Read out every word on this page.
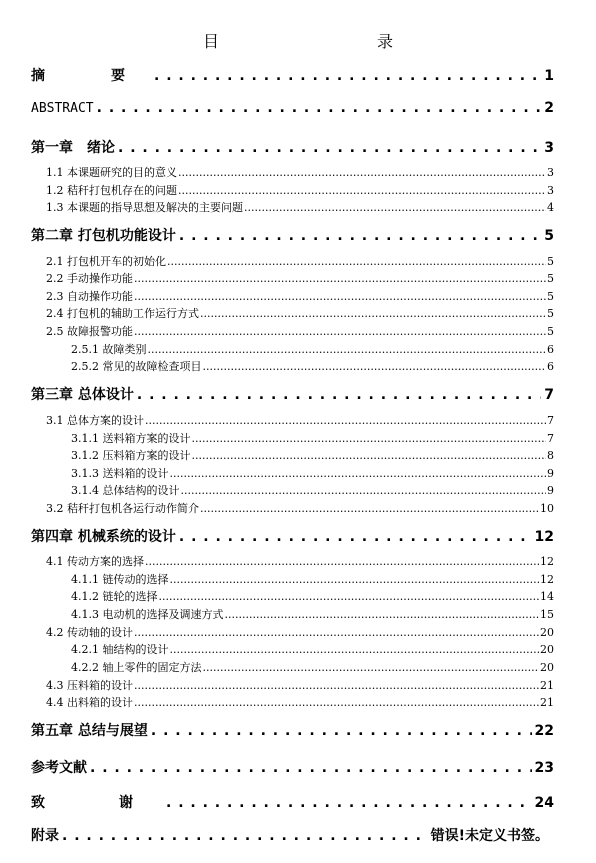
目　　录
摘　要 . . .	1
ABSTRACT . . .	2
第一章　绪论 . . .	3
1.1 本课题研究的目的意义 .....	3
1.2 秸秆打包机存在的问题 .....	3
1.3 本课题的指导思想及解决的主要问题 .....	4
第二章 打包机功能设计 . . .	5
2.1 打包机开车的初始化 .....	5
2.2 手动操作功能 .....	5
2.3 自动操作功能 .....	5
2.4 打包机的辅助工作运行方式 .....	5
2.5 故障报警功能 .....	5
2.5.1 故障类别 .....	6
2.5.2 常见的故障检查项目 .....	6
第三章 总体设计 . . .	7
3.1 总体方案的设计 .....	7
3.1.1 送料箱方案的设计 .....	7
3.1.2 压料箱方案的设计 .....	8
3.1.3 送料箱的设计 .....	9
3.1.4 总体结构的设计 .....	9
3.2 秸秆打包机各运行动作简介 .....	10
第四章 机械系统的设计 . . .	12
4.1 传动方案的选择 .....	12
4.1.1 链传动的选择 .....	12
4.1.2 链轮的选择 .....	14
4.1.3 电动机的选择及调速方式 .....	15
4.2 传动轴的设计 .....	20
4.2.1 轴结构的设计 .....	20
4.2.2 轴上零件的固定方法 .....	20
4.3 压料箱的设计 .....	21
4.4 出料箱的设计 .....	21
第五章 总结与展望 . . .	22
参考文献 . . .	23
致　谢 . . .	24
附录 . . .	错误!未定义书签。
